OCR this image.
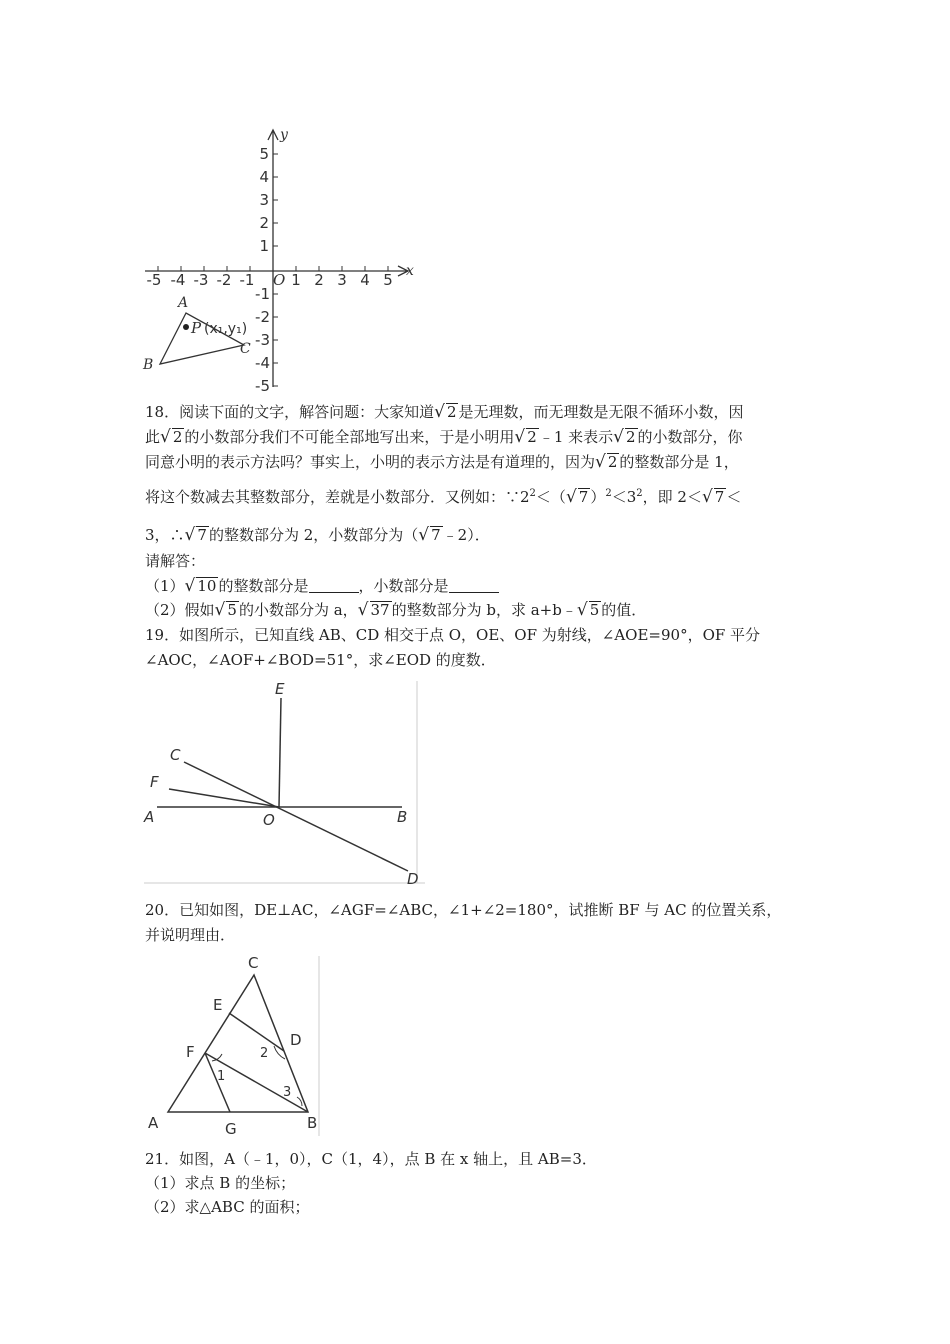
-5 -4 -3 -2 -1 1 2 3 4 5
5
4
3
2
1
-1
-2
-3
-4
-5
y
x
O
A
B
C
P (x₁,y₁)
18．阅读下面的文字，解答问题：大家知道√ 2 是无理数，而无理数是无限不循环小数，因
此√ 2 的小数部分我们不可能全部地写出来，于是小明用√ 2 ﹣1 来表示√ 2 的小数部分，你
同意小明的表示方法吗？事实上，小明的表示方法是有道理的，因为√ 2 的整数部分是 1，
将这个数减去其整数部分，差就是小数部分．又例如：$\because 2^2<(√$ 7 ）$^2<3^2$，即 2＜√ 7 ＜
3，∴√ 7 的整数部分为 2，小数部分为（√ 7 ﹣2）．
请解答：
（1）√ 10 的整数部分是	，小数部分是
（2）假如√ 5 的小数部分为 a，√ 37 的整数部分为 b，求 a+b﹣√ 5 的值．
19．如图所示，已知直线 AB、CD 相交于点 O，OE、OF 为射线，∠AOE=90°，OF 平分
∠AOC，∠AOF+∠BOD=51°，求∠EOD 的度数．
E
C
F
A	O	B
D
20．已知如图，DE⊥AC，∠AGF=∠ABC，∠1+∠2=180°，试推断 BF 与 AC 的位置关系，
并说明理由．
C
E
D
F
1
2
3
A	G	B
21．如图，A（﹣1，0），C（1，4），点 B 在 x 轴上，且 AB=3．
（1）求点 B 的坐标；
（2）求△ABC 的面积；
